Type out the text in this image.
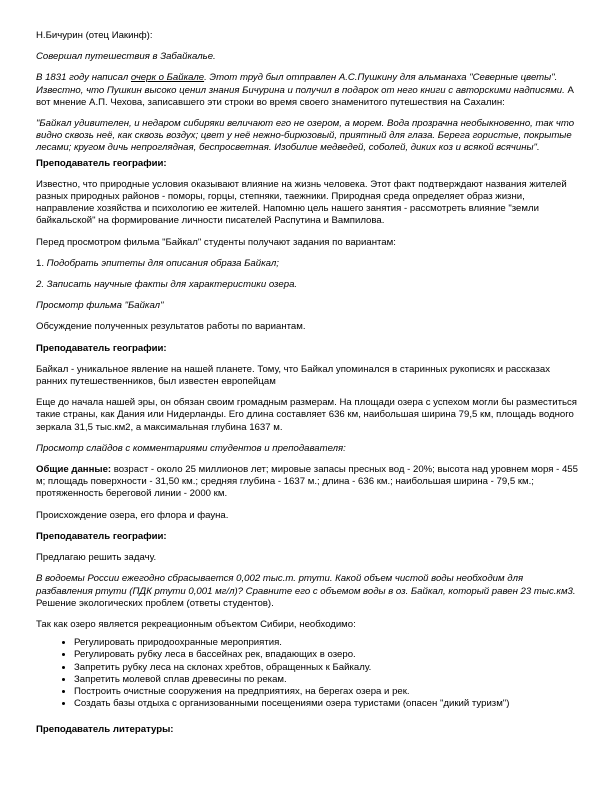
Н.Бичурин (отец Иакинф):

Совершал путешествия в Забайкалье.

В 1831 году написал очерк о Байкале. Этот труд был отправлен А.С.Пушкину для альманаха "Северные цветы". Известно, что Пушкин высоко ценил знания Бичурина и получил в подарок от него книги с авторскими надписями. А вот мнение А.П. Чехова, записавшего эти строки во время своего знаменитого путешествия на Сахалин:

"Байкал удивителен, и недаром сибиряки величают его не озером, а морем. Вода прозрачна необыкновенно, так что видно сквозь неё, как сквозь воздух; цвет у неё нежно-бирюзовый, приятный для глаза. Берега гористые, покрытые лесами; кругом дичь непроглядная, беспросветная. Изобилие медведей, соболей, диких коз и всякой всячины".

Преподаватель географии:

Известно, что природные условия оказывают влияние на жизнь человека. Этот факт подтверждают названия жителей разных природных районов - поморы, горцы, степняки, таежники. Природная среда определяет образ жизни, направление хозяйства и психологию ее жителей. Напомню цель нашего занятия - рассмотреть влияние "земли байкальской" на формирование личности писателей Распутина и Вампилова.

Перед просмотром фильма "Байкал" студенты получают задания по вариантам:

1. Подобрать эпитеты для описания образа Байкал;

2. Записать научные факты для характеристики озера.

Просмотр фильма "Байкал"

Обсуждение полученных результатов работы по вариантам.

Преподаватель географии:

Байкал - уникальное явление на нашей планете. Тому, что Байкал упоминался в старинных рукописях и рассказах ранних путешественников, был известен европейцам

Еще до начала нашей эры, он обязан своим громадным размерам. На площади озера с успехом могли бы разместиться такие страны, как Дания или Нидерланды. Его длина составляет 636 км, наибольшая ширина 79,5 км, площадь водного зеркала 31,5 тыс.км2, а максимальная глубина 1637 м.

Просмотр слайдов с комментариями студентов и преподавателя:

Общие данные: возраст - около 25 миллионов лет; мировые запасы пресных вод - 20%; высота над уровнем моря - 455 м; площадь поверхности - 31,50 км.; средняя глубина - 1637 м.; длина - 636 км.; наибольшая ширина - 79,5 км.; протяженность береговой линии - 2000 км.

Происхождение озера, его флора и фауна.

Преподаватель географии:

Предлагаю решить задачу.

В водоемы России ежегодно сбрасывается 0,002 тыс.т. ртути. Какой объем чистой воды необходим для разбавления ртути (ПДК ртути 0,001 мг/л)? Сравните его с объемом воды в оз. Байкал, который равен 23 тыс.км3. Решение экологических проблем (ответы студентов).

Так как озеро является рекреационным объектом Сибири, необходимо:

• Регулировать природоохранные мероприятия.
• Регулировать рубку леса в бассейнах рек, впадающих в озеро.
• Запретить рубку леса на склонах хребтов, обращенных к Байкалу.
• Запретить молевой сплав древесины по рекам.
• Построить очистные сооружения на предприятиях, на берегах озера и рек.
• Создать базы отдыха с организованными посещениями озера туристами (опасен "дикий туризм")

Преподаватель литературы:
